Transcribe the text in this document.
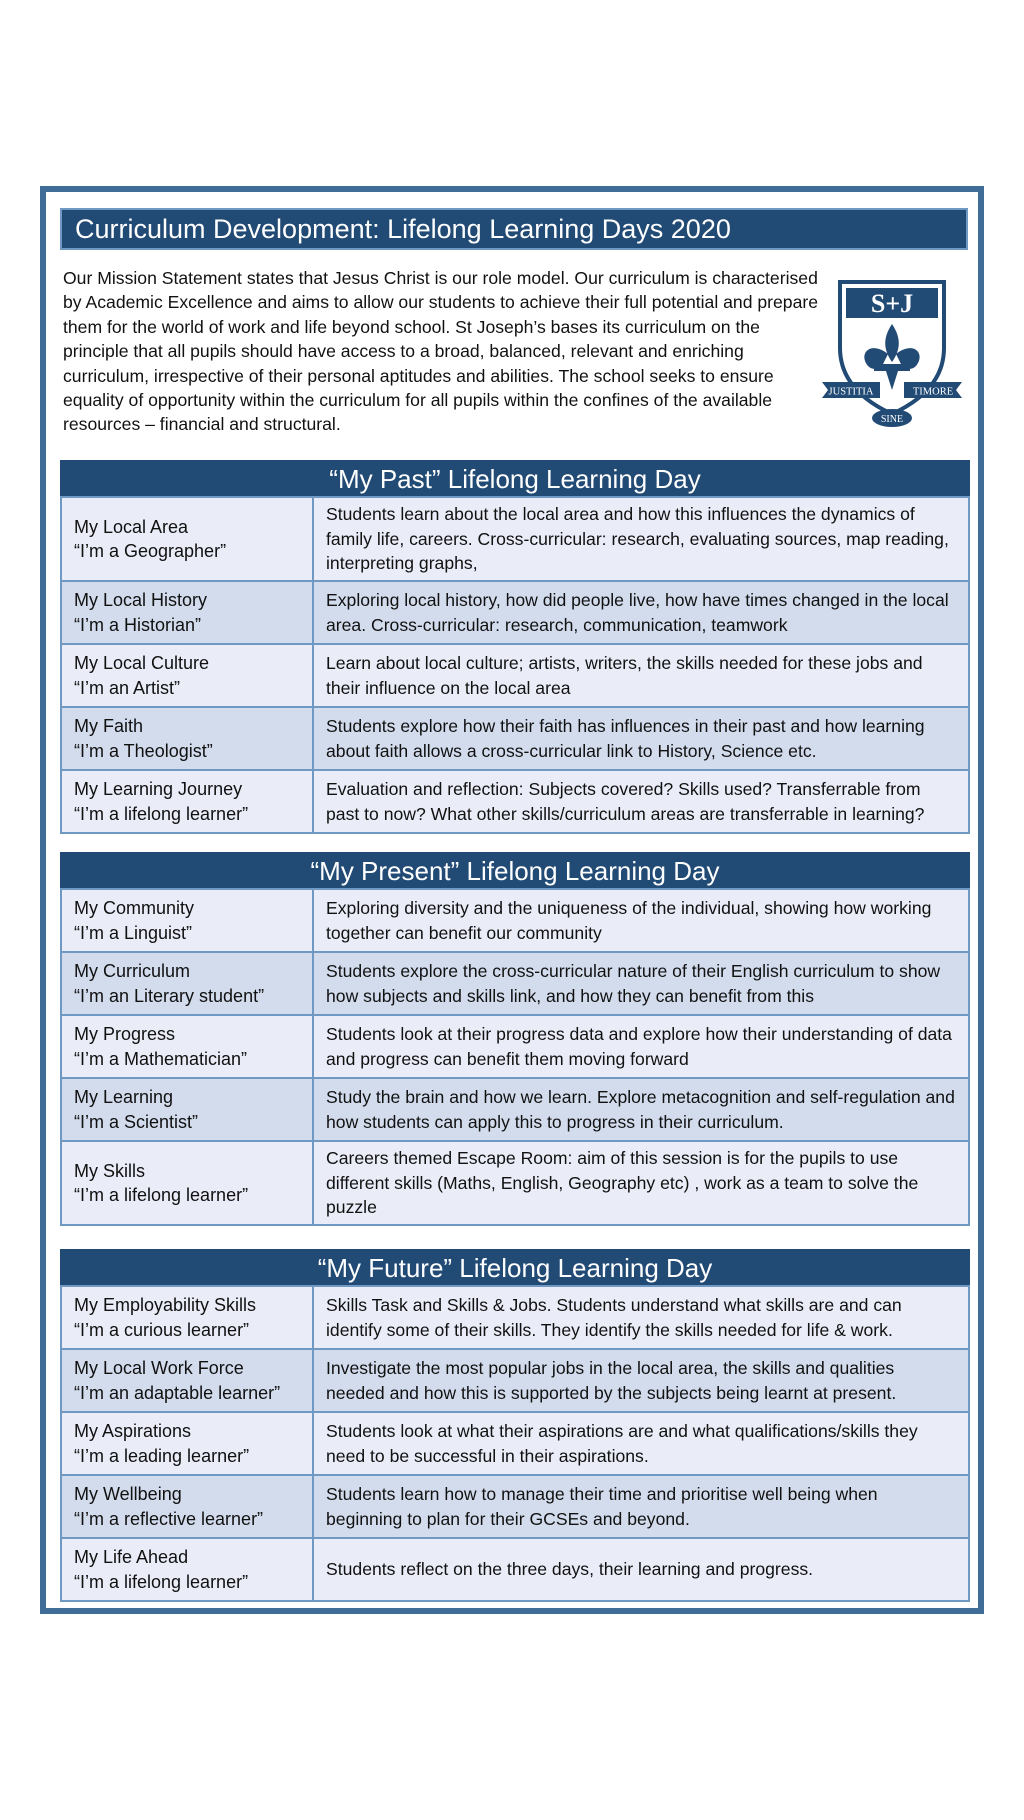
Curriculum Development: Lifelong Learning Days 2020
Our Mission Statement states that Jesus Christ is our role model. Our curriculum is characterised by Academic Excellence and aims to allow our students to achieve their full potential and prepare them for the world of work and life beyond school. St Joseph’s bases its curriculum on the principle that all pupils should have access to a broad, balanced, relevant and enriching curriculum, irrespective of their personal aptitudes and abilities. The school seeks to ensure equality of opportunity within the curriculum for all pupils within the confines of the available resources – financial and structural.
S+J
JUSTITIA	TIMORE
SINE
“My Past” Lifelong Learning Day
My Local Area
“I’m a Geographer”	Students learn about the local area and how this influences the dynamics of family life, careers. Cross-curricular: research, evaluating sources, map reading, interpreting graphs,

My Local History
“I’m a Historian”	Exploring local history, how did people live, how have times changed in the local area. Cross-curricular: research, communication, teamwork

My Local Culture
“I’m an Artist”	Learn about local culture; artists, writers, the skills needed for these jobs and their influence on the local area

My Faith
“I’m a Theologist”	Students explore how their faith has influences in their past and how learning about faith allows a cross-curricular link to History, Science etc.

My Learning Journey
“I’m a lifelong learner”	Evaluation and reflection: Subjects covered? Skills used? Transferrable from past to now? What other skills/curriculum areas are transferrable in learning?
“My Present” Lifelong Learning Day
My Community
“I’m a Linguist”	Exploring diversity and the uniqueness of the individual, showing how working together can benefit our community

My Curriculum
“I’m an Literary student”	Students explore the cross-curricular nature of their English curriculum to show how subjects and skills link, and how they can benefit from this

My Progress
“I’m a Mathematician”	Students look at their progress data and explore how their understanding of data and progress can benefit them moving forward

My Learning
“I’m a Scientist”	Study the brain and how we learn. Explore metacognition and self-regulation and how students can apply this to progress in their curriculum.

My Skills
“I’m a lifelong learner”	Careers themed Escape Room: aim of this session is for the pupils to use different skills (Maths, English, Geography etc) , work as a team to solve the puzzle
“My Future” Lifelong Learning Day
My Employability Skills
“I’m a curious learner”	Skills Task and Skills & Jobs. Students understand what skills are and can identify some of their skills. They identify the skills needed for life & work.

My Local Work Force
“I’m an adaptable learner”	Investigate the most popular jobs in the local area, the skills and qualities needed and how this is supported by the subjects being learnt at present.

My Aspirations
“I’m a leading learner”	Students look at what their aspirations are and what qualifications/skills they need to be successful in their aspirations.

My Wellbeing
“I’m a reflective learner”	Students learn how to manage their time and prioritise well being when beginning to plan for their GCSEs and beyond.

My Life Ahead
“I’m a lifelong learner”	Students reflect on the three days, their learning and progress.
